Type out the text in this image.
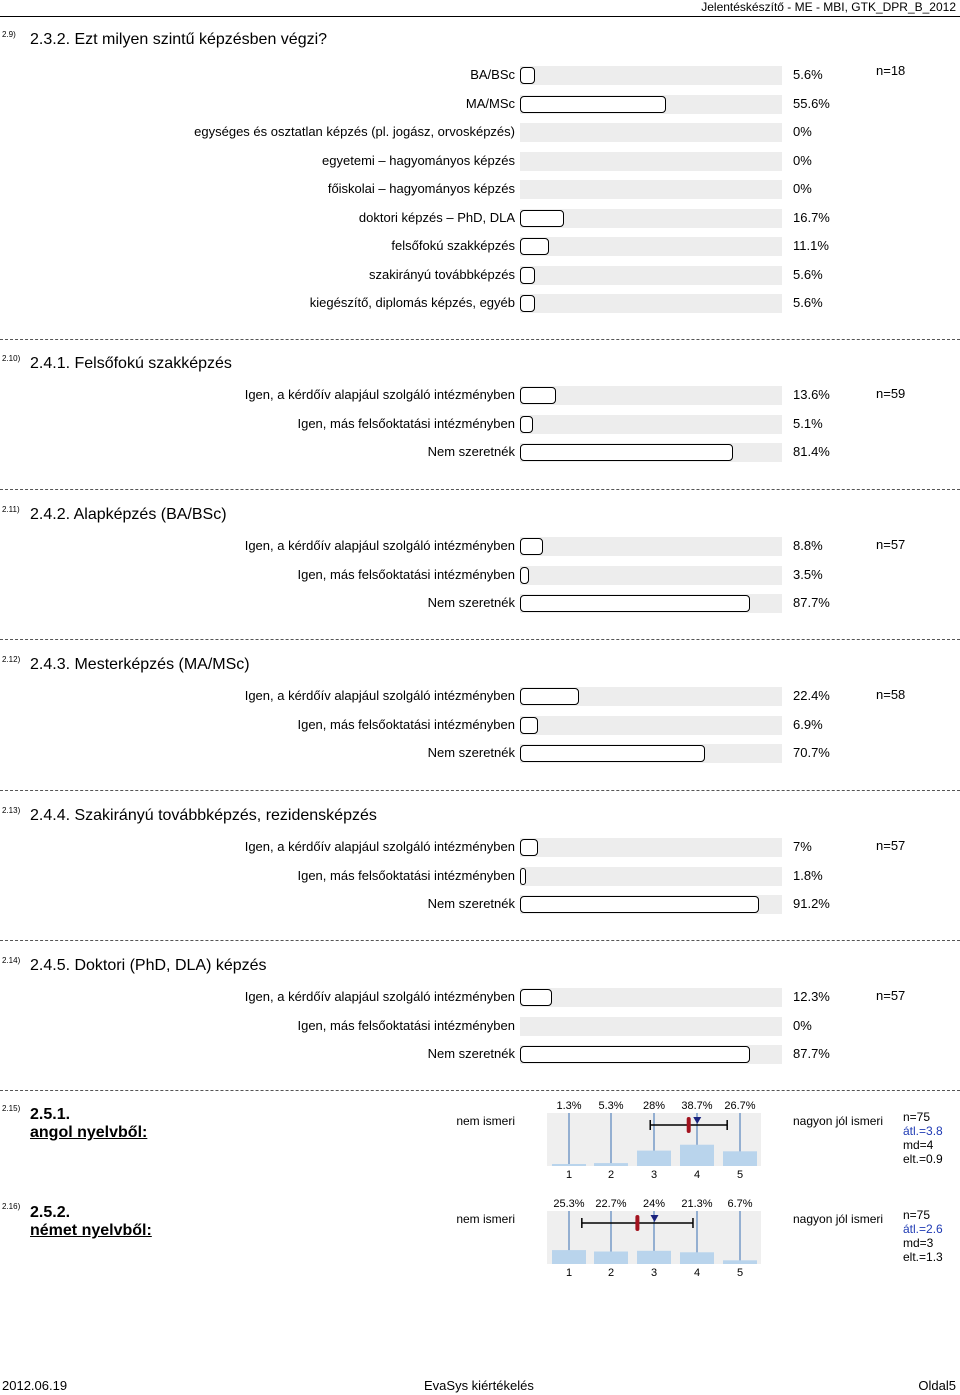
Jelentéskészítő - ME - MBI, GTK_DPR_B_2012
2.9) 2.3.2. Ezt milyen szintű képzésben végzi?
n=18
BA/BSc	5.6%
MA/MSc	55.6%
egységes és osztatlan képzés (pl. jogász, orvosképzés)	0%
egyetemi – hagyományos képzés	0%
főiskolai – hagyományos képzés	0%
doktori képzés – PhD, DLA	16.7%
felsőfokú szakképzés	11.1%
szakirányú továbbképzés	5.6%
kiegészítő, diplomás képzés, egyéb	5.6%
2.10) 2.4.1. Felsőfokú szakképzés
n=59
Igen, a kérdőív alapjául szolgáló intézményben	13.6%
Igen, más felsőoktatási intézményben	5.1%
Nem szeretnék	81.4%
2.11) 2.4.2. Alapképzés (BA/BSc)
n=57
Igen, a kérdőív alapjául szolgáló intézményben	8.8%
Igen, más felsőoktatási intézményben	3.5%
Nem szeretnék	87.7%
2.12) 2.4.3. Mesterképzés (MA/MSc)
n=58
Igen, a kérdőív alapjául szolgáló intézményben	22.4%
Igen, más felsőoktatási intézményben	6.9%
Nem szeretnék	70.7%
2.13) 2.4.4. Szakirányú továbbképzés, rezidensképzés
n=57
Igen, a kérdőív alapjául szolgáló intézményben	7%
Igen, más felsőoktatási intézményben	1.8%
Nem szeretnék	91.2%
2.14) 2.4.5. Doktori (PhD, DLA) képzés
n=57
Igen, a kérdőív alapjául szolgáló intézményben	12.3%
Igen, más felsőoktatási intézményben	0%
Nem szeretnék	87.7%
2.15) 2.5.1.
angol nyelvből:
nem ismeri	nagyon jól ismeri n=75
átl.=3.8
md=4
elt.=0.9
1.3%
1
5.3%
2
28%
3
38.7%
4
26.7%
5
2.16) 2.5.2.
német nyelvből:
nem ismeri	nagyon jól ismeri n=75
átl.=2.6
md=3
elt.=1.3
25.3%
1
22.7%
2
24%
3
21.3%
4
6.7%
5
2012.06.19	EvaSys kiértékelés	Oldal5
